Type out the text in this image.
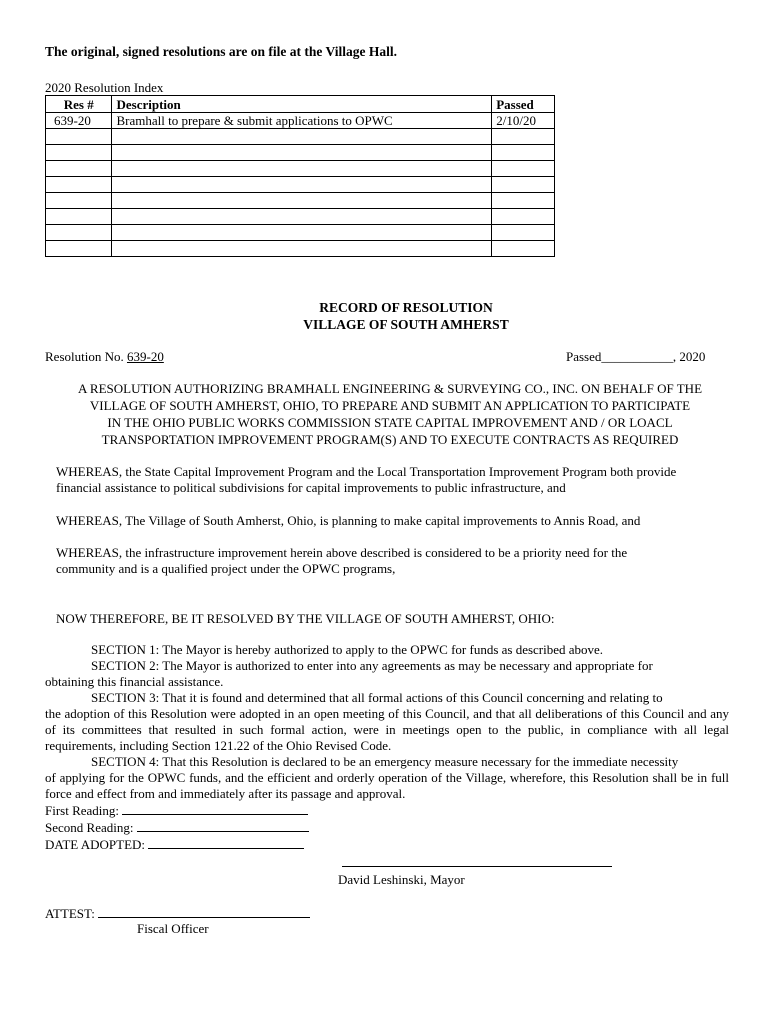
The original, signed resolutions are on file at the Village Hall.
2020 Resolution Index
Res #	Description	Passed
639-20	Bramhall to prepare & submit applications to OPWC	2/10/20

RECORD OF RESOLUTION
VILLAGE OF SOUTH AMHERST
Resolution No. 639-20	Passed___________, 2020
A RESOLUTION AUTHORIZING BRAMHALL ENGINEERING & SURVEYING CO., INC. ON BEHALF OF THE
VILLAGE OF SOUTH AMHERST, OHIO, TO PREPARE AND SUBMIT AN APPLICATION TO PARTICIPATE
IN THE OHIO PUBLIC WORKS COMMISSION STATE CAPITAL IMPROVEMENT AND / OR LOACL
TRANSPORTATION IMPROVEMENT PROGRAM(S) AND TO EXECUTE CONTRACTS AS REQUIRED
WHEREAS, the State Capital Improvement Program and the Local Transportation Improvement Program both provide
financial assistance to political subdivisions for capital improvements to public infrastructure, and
WHEREAS, The Village of South Amherst, Ohio, is planning to make capital improvements to Annis Road, and
WHEREAS, the infrastructure improvement herein above described is considered to be a priority need for the
community and is a qualified project under the OPWC programs,
NOW THEREFORE, BE IT RESOLVED BY THE VILLAGE OF SOUTH AMHERST, OHIO:

SECTION 1: The Mayor is hereby authorized to apply to the OPWC for funds as described above.

SECTION 2: The Mayor is authorized to enter into any agreements as may be necessary and appropriate for
obtaining this financial assistance.

SECTION 3: That it is found and determined that all formal actions of this Council concerning and relating to
the adoption of this Resolution were adopted in an open meeting of this Council, and that all deliberations of this Council and any of its committees that resulted in such formal action, were in meetings open to the public, in compliance with all legal requirements, including Section 121.22 of the Ohio Revised Code.

SECTION 4: That this Resolution is declared to be an emergency measure necessary for the immediate necessity
of applying for the OPWC funds, and the efficient and orderly operation of the Village, wherefore, this Resolution shall be in full force and effect from and immediately after its passage and approval.

First Reading:
Second Reading:
DATE ADOPTED:
David Leshinski, Mayor
ATTEST:
Fiscal Officer
